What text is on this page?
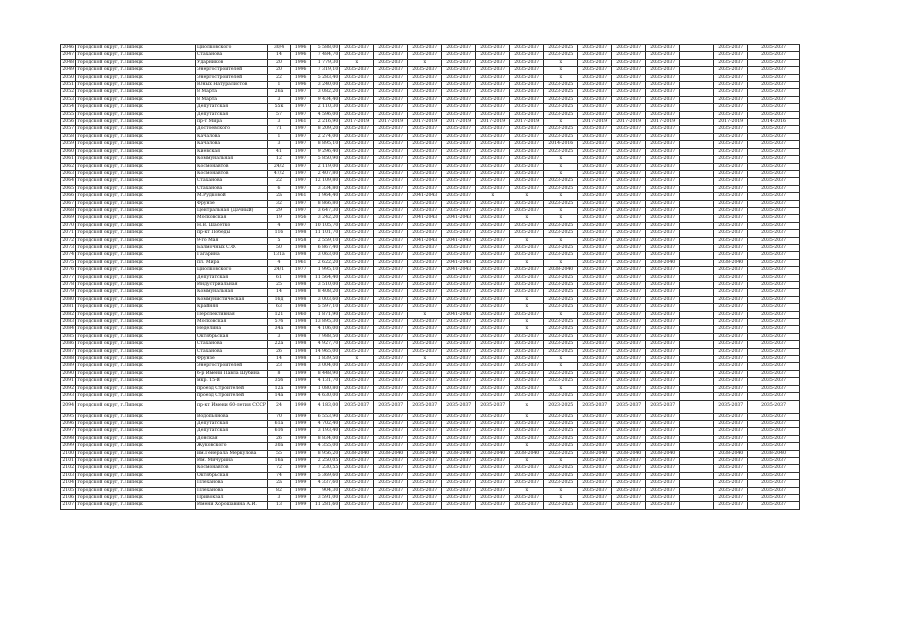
2046	городской округ, г.Липецк	Циолковского	30/4	1996	5 588,00	2035-2037	2035-2037	2035-2037	2035-2037	2035-2037	2035-2037	2023-2025	2035-2037	2035-2037	2035-2037		2035-2037	2035-2037
2047	городской округ, г.Липецк	Стаханова	14	1996	7 484,70	2035-2037	2035-2037	2035-2037	2035-2037	2035-2037	2035-2037	2023-2025	2035-2037	2035-2037	2035-2037		2035-2037	2035-2037
2048	городской округ, г.Липецк	Ударников	20	1996	1 779,30	х	2035-2037	х	2035-2037	2035-2037	2035-2037	х	2035-2037	2035-2037	2035-2037		2035-2037	2035-2037
2049	городской округ, г.Липецк	Энергостроителей	20	1996	7 319,10	2035-2037	2035-2037	2035-2037	2035-2037	2035-2037	2035-2037	х	2035-2037	2035-2037	2035-2037		2035-2037	2035-2037
2050	городской округ, г.Липецк	Энергостроителей	22	1996	5 283,40	2035-2037	2035-2037	2035-2037	2035-2037	2035-2037	2035-2037	х	2035-2037	2035-2037	2035-2037		2035-2037	2035-2037
2051	городской округ, г.Липецк	Юных Натуралистов	1	1996	3 240,00	2035-2037	2035-2037	2035-2037	2035-2037	2035-2037	2035-2037	2023-2025	2035-2037	2035-2037	2035-2037		2035-2037	2035-2037
2052	городской округ, г.Липецк	8 Марта	26а	1997	3 082,20	2035-2037	2035-2037	2035-2037	2035-2037	2035-2037	2035-2037	2023-2025	2035-2037	2035-2037	2035-2037		2035-2037	2035-2037
2053	городской округ, г.Липецк	8 Марта	3	1997	9 434,40	2035-2037	2035-2037	2035-2037	2035-2037	2035-2037	2035-2037	2023-2025	2035-2037	2035-2037	2035-2037		2035-2037	2035-2037
2054	городской округ, г.Липецк	Депутатская	55к	1997	2 110,30	2035-2037	2035-2037	2035-2037	2035-2037	2035-2037	2035-2037	2023-2025	2035-2037	2035-2037	2035-2037		2035-2037	2035-2037
2055	городской округ, г.Липецк	Депутатская	57	1997	4 596,00	2035-2037	2035-2037	2035-2037	2035-2037	2035-2037	2035-2037	2023-2025	2035-2037	2035-2037	2035-2037		2035-2037	2035-2037
2056	городской округ, г.Липецк	пр-т Мира	3	1961	2 216,90	2017-2019	2017-2019	2017-2019	2017-2019	2017-2019	2017-2019	х	2017-2019	2017-2019	2017-2019		2017-2019	2014-2016
2057	городской округ, г.Липецк	Достоевского	71	1997	8 209,20	2035-2037	2035-2037	2035-2037	2035-2037	2035-2037	2035-2037	2023-2025	2035-2037	2035-2037	2035-2037		2035-2037	2035-2037
2058	городской округ, г.Липецк	Качалова	1	1997	2 274,00	2035-2037	2035-2037	2035-2037	2035-2037	2035-2037	2035-2037	2023-2025	2035-2037	2035-2037	2035-2037		2035-2037	2035-2037
2059	городской округ, г.Липецк	Качалова	3	1997	8 895,10	2035-2037	2035-2037	2035-2037	2035-2037	2035-2037	2035-2037	2014-2016	2035-2037	2035-2037	2035-2037		2035-2037	2035-2037
2060	городской округ, г.Липецк	Киевская	41	1997	9 296,40	2035-2037	2035-2037	2035-2037	2035-2037	2035-2037	2035-2037	2023-2025	2035-2037	2035-2037	2035-2037		2035-2037	2035-2037
2061	городской округ, г.Липецк	Коммунальная	12	1997	5 850,90	2035-2037	2035-2037	2035-2037	2035-2037	2035-2037	2035-2037	х	2035-2037	2035-2037	2035-2037		2035-2037	2035-2037
2062	городской округ, г.Липецк	Космонавтов	24/2	1997	2 119,00	2035-2037	2035-2037	2035-2037	2035-2037	2035-2037	2035-2037	х	2035-2037	2035-2037	2035-2037		2035-2037	2035-2037
2063	городской округ, г.Липецк	Космонавтов	47/2	1997	2 407,80	2035-2037	2035-2037	2035-2037	2035-2037	2035-2037	2035-2037	х	2035-2037	2035-2037	2035-2037		2035-2037	2035-2037
2064	городской округ, г.Липецк	Стаханова	22	1997	12 109,80	2035-2037	2035-2037	2035-2037	2035-2037	2035-2037	2035-2037	2023-2025	2035-2037	2035-2037	2035-2037		2035-2037	2035-2037
2065	городской округ, г.Липецк	Стаханова	6	1997	3 334,80	2035-2037	2035-2037	2035-2037	2035-2037	2035-2037	2035-2037	2023-2025	2035-2037	2035-2037	2035-2037		2035-2037	2035-2037
2066	городской округ, г.Липецк	М.Рудковой	2а	1961	1 964,40	2035-2037	2035-2037	2041-2043	2035-2037	х	х	х	2035-2037	2035-2037	2035-2037		2035-2037	2035-2037
2067	городской округ, г.Липецк	Фрунзе	32	1997	8 866,80	2035-2037	2035-2037	2035-2037	2035-2037	2035-2037	2035-2037	2023-2025	2035-2037	2035-2037	2035-2037		2035-2037	2035-2037
2068	городской округ, г.Липецк	Центральная (Дачный)	29	1997	3 647,30	2035-2037	2035-2037	2035-2037	2035-2037	2035-2037	2035-2037	х	2035-2037	2035-2037	2035-2037		2035-2037	2035-2037
2069	городской округ, г.Липецк	Московская	19	1956	3 242,20	2035-2037	2035-2037	2041-2043	2041-2043	2035-2037	х	х	2035-2037	2035-2037	2035-2037		2035-2037	2035-2037
2070	городской округ, г.Липецк	Н.В. Шасетко	4	1997	10 105,70	2035-2037	2035-2037	2035-2037	2035-2037	2035-2037	2035-2037	2023-2025	2035-2037	2035-2037	2035-2037		2035-2037	2035-2037
2071	городской округ, г.Липецк	пр-кт Победы	116	1998	11 101,70	2035-2037	2035-2037	2035-2037	2035-2037	2035-2037	2035-2037	2023-2025	2035-2037	2035-2037	2035-2037		2035-2037	2035-2037
2072	городской округ, г.Липецк	9-го Мая	5	1958	2 559,10	2035-2037	2035-2037	2041-2043	2041-2043	2035-2037	х	х	2035-2037	2035-2037	2035-2037		2035-2037	2035-2037
2073	городской округ, г.Липецк	Балмочных С.Ф.	50	1998	6 867,40	2035-2037	2035-2037	2035-2037	2035-2037	2035-2037	2035-2037	2023-2025	2035-2037	2035-2037	2035-2037		2035-2037	2035-2037
2074	городской округ, г.Липецк	Гагарина	131а	1998	3 063,00	2035-2037	2035-2037	2035-2037	2035-2037	2035-2037	2035-2037	2023-2025	2035-2037	2035-2037	2035-2037		2035-2037	2035-2037
2075	городской округ, г.Липецк	пл. Мира	4	1961	2 622,20	2035-2037	2035-2037	2035-2037	2041-2043	2035-2037	х	х	2035-2037	2035-2037	2038-2040		2038-2040	2035-2037
2076	городской округ, г.Липецк	Циолковского	24/1	1977	1 995,10	2035-2037	2035-2037	2035-2037	2041-2043	2035-2037	2035-2037	2038-2040	2035-2037	2035-2037	2035-2037		2035-2037	2035-2037
2077	городской округ, г.Липецк	Депутатская	61	1998	11 564,40	2035-2037	2035-2037	2035-2037	2035-2037	2035-2037	2035-2037	2023-2025	2035-2037	2035-2037	2035-2037		2035-2037	2035-2037
2078	городской округ, г.Липецк	Индустриальная	25	1998	3 510,00	2035-2037	2035-2037	2035-2037	2035-2037	2035-2037	2035-2037	2023-2025	2035-2037	2035-2037	2035-2037		2035-2037	2035-2037
2079	городской округ, г.Липецк	Коммунальная	14	1998	8 408,20	2035-2037	2035-2037	2035-2037	2035-2037	2035-2037	2035-2037	2023-2025	2035-2037	2035-2037	2035-2037		2035-2037	2035-2037
2080	городской округ, г.Липецк	Коммунистическая	16д	1998	3 003,60	2035-2037	2035-2037	2035-2037	2035-2037	2035-2037	х	2023-2025	2035-2037	2035-2037	2035-2037		2035-2037	2035-2037
2081	городской округ, г.Липецк	Крайняя	63	1998	5 597,10	2035-2037	2035-2037	2035-2037	2035-2037	2035-2037	х	2023-2025	2035-2037	2035-2037	2035-2037		2035-2037	2035-2037
2082	городской округ, г.Липецк	Перспективная	121	1960	1 871,90	2035-2037	2035-2037	х	2041-2043	2035-2037	2035-2037	х	2035-2037	2035-2037	2035-2037		2035-2037	2035-2037
2083	городской округ, г.Липецк	Московская	57б	1998	13 895,30	2035-2037	2035-2037	2035-2037	2035-2037	2035-2037	х	2023-2025	2035-2037	2035-2037	2035-2037		2035-2037	2035-2037
2084	городской округ, г.Липецк	Неделина	34а	1998	4 106,00	2035-2037	2035-2037	2035-2037	2035-2037	2035-2037	х	2023-2025	2035-2037	2035-2037	2035-2037		2035-2037	2035-2037
2085	городской округ, г.Липецк	Октябрьская	3	1998	7 988,50	2035-2037	2035-2037	2035-2037	2035-2037	2035-2037	2035-2037	2023-2025	2035-2037	2035-2037	2035-2037		2035-2037	2035-2037
2086	городской округ, г.Липецк	Стаханова	22а	1998	4 927,70	2035-2037	2035-2037	2035-2037	2035-2037	2035-2037	2035-2037	2023-2025	2035-2037	2035-2037	2035-2037		2035-2037	2035-2037
2087	городской округ, г.Липецк	Стаханова	26	1998	14 965,00	2035-2037	2035-2037	2035-2037	2035-2037	2035-2037	2035-2037	2023-2025	2035-2037	2035-2037	2035-2037		2035-2037	2035-2037
2088	городской округ, г.Липецк	Фрунзе	14	1998	1 839,50	х	2035-2037	х	2035-2037	2035-2037	2035-2037	х	2035-2037	2035-2037	2035-2037		2035-2037	2035-2037
2089	городской округ, г.Липецк	Энергостроителей	23	1998	3 004,00	2035-2037	2035-2037	2035-2037	2035-2037	2035-2037	2035-2037	х	2035-2037	2035-2037	2035-2037		2035-2037	2035-2037
2090	городской округ, г.Липецк	б-р Имени Павла Шубина	8	1999	8 448,90	2035-2037	2035-2037	2035-2037	2035-2037	2035-2037	2035-2037	2023-2025	2035-2037	2035-2037	2035-2037		2035-2037	2035-2037
2091	городской округ, г.Липецк	мкр. 15-й	35б	1999	4 131,70	2035-2037	2035-2037	2035-2037	2035-2037	2035-2037	2035-2037	2023-2025	2035-2037	2035-2037	2035-2037		2035-2037	2035-2037
2092	городской округ, г.Липецк	проезд Строителей	12а	1999	1 080,80	2035-2037	2035-2037	2035-2037	2035-2037	2035-2037	2035-2037	х	2035-2037	2035-2037	2035-2037		2035-2037	2035-2037
2093	городской округ, г.Липецк	проезд Строителей	14а	1999	4 630,00	2035-2037	2035-2037	2035-2037	2035-2037	2035-2037	2035-2037	2023-2025	2035-2037	2035-2037	2035-2037		2035-2037	2035-2037
2094	городской округ, г.Липецк	пр-кт Имени 60-летия СССР	24	1999	4 183,00	2035-2037	2035-2037	2035-2037	2035-2037	2035-2037	х	2023-2025	2035-2037	2035-2037	2035-2037		2035-2037	2035-2037
2095	городской округ, г.Липецк	Водопьянова	70	1999	6 553,90	2035-2037	2035-2037	2035-2037	2035-2037	2035-2037	х	2023-2025	2035-2037	2035-2037	2035-2037		2035-2037	2035-2037
2096	городской округ, г.Липецк	Депутатская	61а	1999	4 702,40	2035-2037	2035-2037	2035-2037	2035-2037	2035-2037	2035-2037	2023-2025	2035-2037	2035-2037	2035-2037		2035-2037	2035-2037
2097	городской округ, г.Липецк	Депутатская	61б	1999	3 193,40	2035-2037	2035-2037	2035-2037	2035-2037	2035-2037	2035-2037	2023-2025	2035-2037	2035-2037	2035-2037		2035-2037	2035-2037
2098	городской округ, г.Липецк	Донская	26	1999	8 834,00	2035-2037	2035-2037	2035-2037	2035-2037	2035-2037	2035-2037	2023-2025	2035-2037	2035-2037	2035-2037		2035-2037	2035-2037
2099	городской округ, г.Липецк	Жуковского	30а	1999	4 355,00	2035-2037	2035-2037	2035-2037	2035-2037	2035-2037	х	2023-2025	2035-2037	2035-2037	2035-2037		2035-2037	2035-2037
2100	городской округ, г.Липецк	им.Генерала Меркулова	55	1999	8 956,20	2038-2040	2038-2040	2038-2040	2038-2040	2038-2040	2038-2040	2023-2025	2038-2040	2038-2040	2038-2040		2038-2040	2038-2040
2101	городской округ, г.Липецк	Им. Мичурина	16а	1999	2 250,05	2035-2037	2035-2037	2035-2037	2035-2037	2035-2037	х	х	2035-2037	2035-2037	2035-2037		2035-2037	2035-2037
2102	городской округ, г.Липецк	Космонавтов	72	1999	7 230,55	2035-2037	2035-2037	2035-2037	2035-2037	2035-2037	2035-2037	2023-2025	2035-2037	2035-2037	2035-2037		2035-2037	2035-2037
2103	городской округ, г.Липецк	Октябрьская	74	1999	5 369,60	2035-2037	2035-2037	2035-2037	2035-2037	2035-2037	2035-2037	2023-2025	2035-2037	2035-2037	2035-2037		2035-2037	2035-2037
2104	городской округ, г.Липецк	Плеханова	2а	1999	4 337,60	2035-2037	2035-2037	2035-2037	2035-2037	2035-2037	2035-2037	2023-2025	2035-2037	2035-2037	2035-2037		2035-2037	2035-2037
2105	городской округ, г.Липецк	Плеханова	82	1999	904,30	2035-2037	2035-2037	2035-2037	2035-2037	2035-2037	х	х	2035-2037	2035-2037	2035-2037		2035-2037	2035-2037
2106	городской округ, г.Липецк	Привокзал	3	1999	3 591,00	2035-2037	2035-2037	2035-2037	2035-2037	2035-2037	2035-2037	х	2035-2037	2035-2037	2035-2037		2035-2037	2035-2037
2107	городской округ, г.Липецк	Имени Хорошавина А.И.	13	1999	11 281,60	2035-2037	2035-2037	2035-2037	2035-2037	2035-2037	2035-2037	2023-2025	2035-2037	2035-2037	2035-2037		2035-2037	2035-2037
